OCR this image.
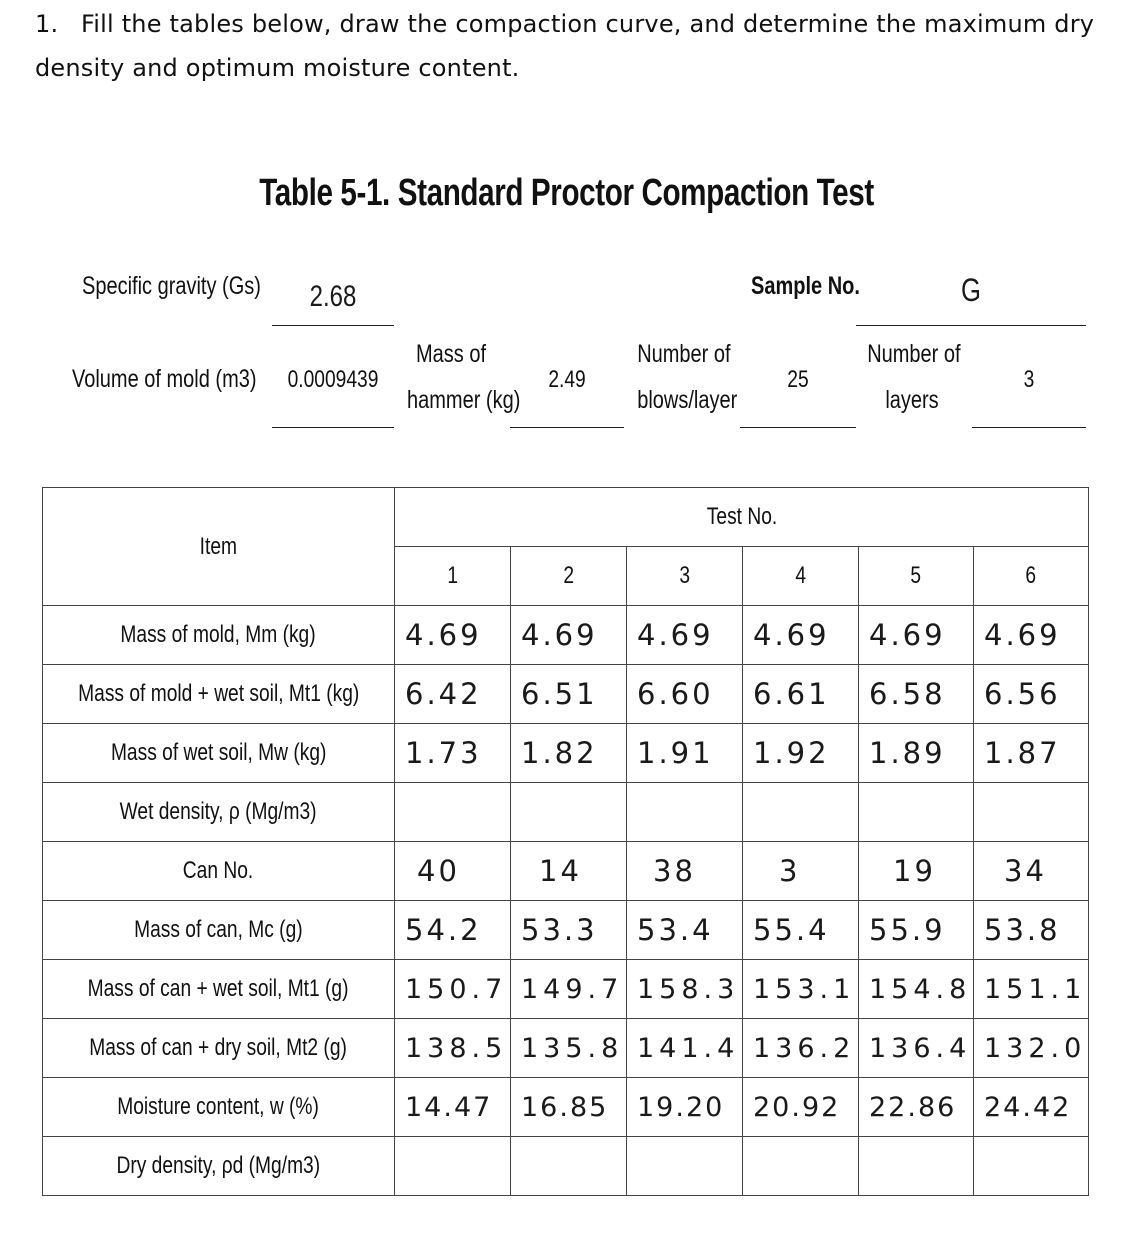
1. Fill the tables below, draw the compaction curve, and determine the maximum dry density and optimum moisture content.
Table 5-1. Standard Proctor Compaction Test
Specific gravity (Gs)	2.68	Sample No.	G
Volume of mold (m3) 0.0009439
Mass of
hammer (kg)
2.49
Number of
blows/layer
25
Number of
layers
3
Item	Test No.					
	1	2	3	4	5	6
Mass of mold, Mm (kg)	4.69	4.69	4.69	4.69	4.69	4.69
Mass of mold + wet soil, Mt1 (kg)	6.42	6.51	6.60	6.61	6.58	6.56
Mass of wet soil, Mw (kg)	1.73	1.82	1.91	1.92	1.89	1.87
Wet density, ρ (Mg/m3)						
Can No.	40	14	38	3	19	34
Mass of can, Mc (g)	54.2	53.3	53.4	55.4	55.9	53.8
Mass of can + wet soil, Mt1 (g)	150.7	149.7	158.3	153.1	154.8	151.1
Mass of can + dry soil, Mt2 (g)	138.5	135.8	141.4	136.2	136.4	132.0
Moisture content, w (%)	14.47	16.85	19.20	20.92	22.86	24.42
Dry density, ρd (Mg/m3)						
